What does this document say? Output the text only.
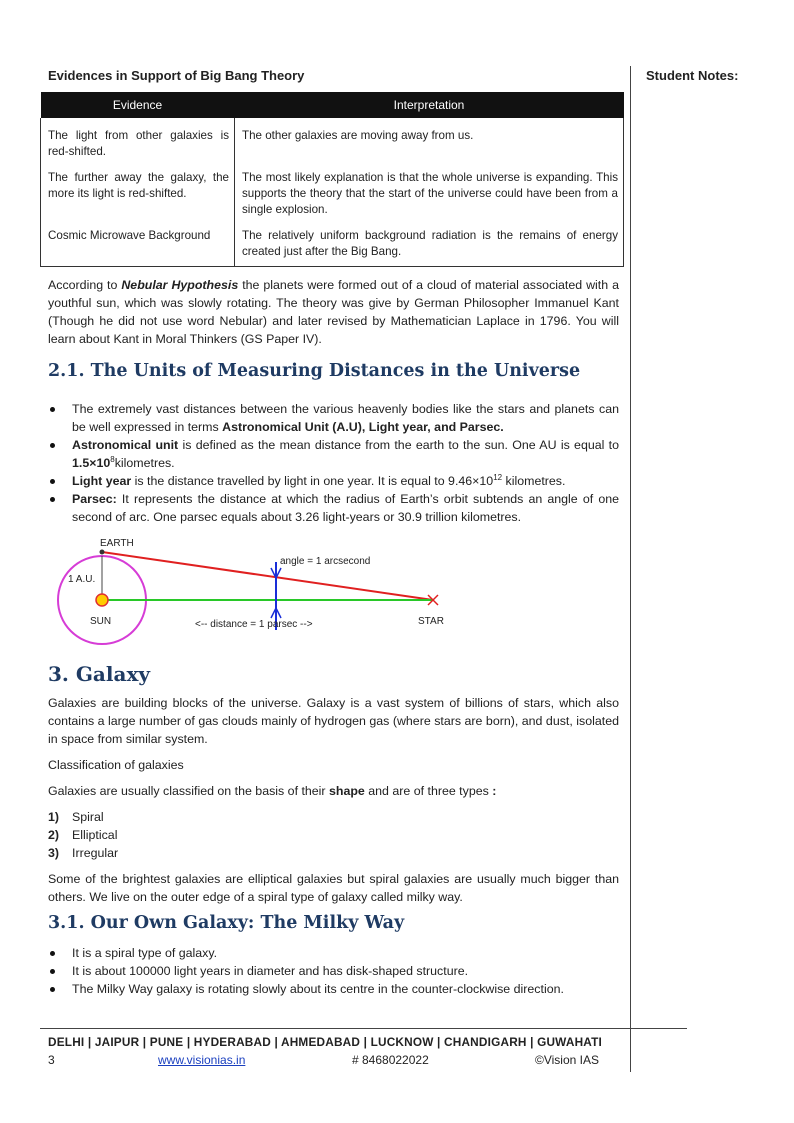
Student Notes:
Evidences in Support of Big Bang Theory
Evidence	Interpretation
The light from other galaxies is red-shifted.	The other galaxies are moving away from us.
The further away the galaxy, the more its light is red-shifted.	The most likely explanation is that the whole universe is expanding. This supports the theory that the start of the universe could have been from a single explosion.
Cosmic Microwave Background	The relatively uniform background radiation is the remains of energy created just after the Big Bang.
According to Nebular Hypothesis the planets were formed out of a cloud of material associated with a youthful sun, which was slowly rotating. The theory was give by German Philosopher Immanuel Kant (Though he did not use word Nebular) and later revised by Mathematician Laplace in 1796. You will learn about Kant in Moral Thinkers (GS Paper IV).
2.1. The Units of Measuring Distances in the Universe
The extremely vast distances between the various heavenly bodies like the stars and planets can be well expressed in terms Astronomical Unit (A.U), Light year, and Parsec.
Astronomical unit is defined as the mean distance from the earth to the sun. One AU is equal to $1.5\times 10^8kilometres$.
Light year is the distance travelled by light in one year. It is equal to $9.46\times 10^{12}$ kilometres.
Parsec: It represents the distance at which the radius of Earth’s orbit subtends an angle of one second of arc. One parsec equals about 3.26 light-years or 30.9 trillion kilometres.
EARTH
1 A.U.
SUN
angle = 1 arcsecond
<-- distance = 1 parsec -->	STAR
3. Galaxy
Galaxies are building blocks of the universe. Galaxy is a vast system of billions of stars, which also contains a large number of gas clouds mainly of hydrogen gas (where stars are born), and dust, isolated in space from similar system.
Classification of galaxies
Galaxies are usually classified on the basis of their shape and are of three types :
1) Spiral
2) Elliptical
3) Irregular
Some of the brightest galaxies are elliptical galaxies but spiral galaxies are usually much bigger than others. We live on the outer edge of a spiral type of galaxy called milky way.
3.1. Our Own Galaxy: The Milky Way
It is a spiral type of galaxy.
It is about 100000 light years in diameter and has disk-shaped structure.
The Milky Way galaxy is rotating slowly about its centre in the counter-clockwise direction.
DELHI | JAIPUR | PUNE | HYDERABAD | AHMEDABAD | LUCKNOW | CHANDIGARH | GUWAHATI
3	www.visionias.in	# 8468022022	©Vision IAS
